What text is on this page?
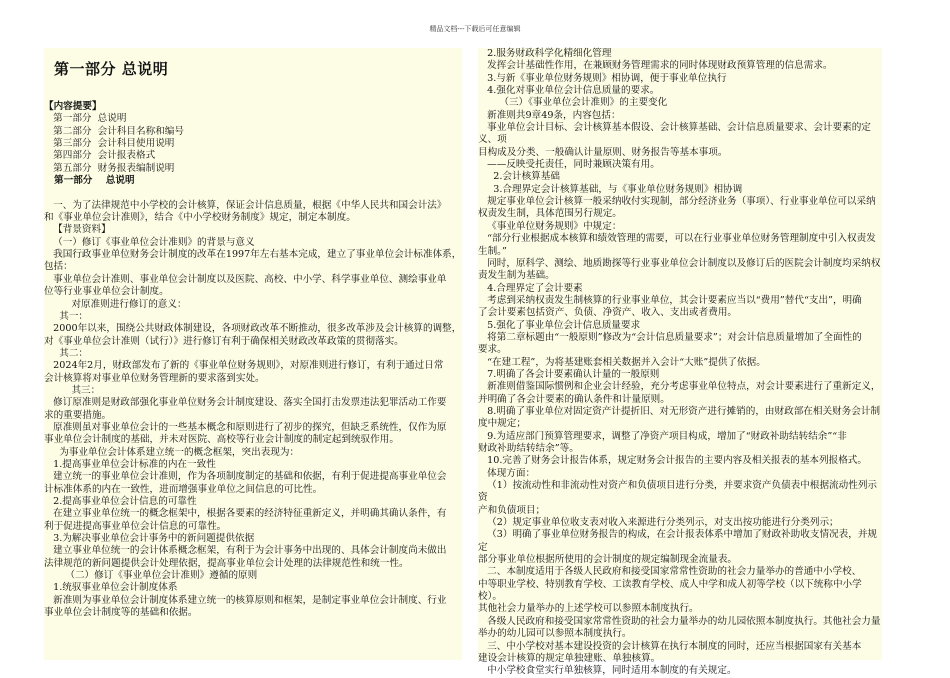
精品文档---下载后可任意编辑
第一部分 总说明
【内容提要】
第一部分  总说明
第二部分  会计科目名称和编号
第三部分  会计科目使用说明
第四部分  会计报表格式
第五部分  财务报表编制说明
第一部分    总说明

一、为了法律规范中小学校的会计核算，保证会计信息质量，根据《中华人民共和国会计法》
和《事业单位会计准则》，结合《中小学校财务制度》规定，制定本制度。
【背景资料】
（一）修订《事业单位会计准则》的背景与意义
我国行政事业单位财务会计制度的改革在1997年左右基本完成，建立了事业单位会计标准体系，
包括：
事业单位会计准则、事业单位会计制度以及医院、高校、中小学、科学事业单位、测绘事业单
位等行业事业单位会计制度。
对原准则进行修订的意义：
其一：
2000年以来，围绕公共财政体制建设，各项财政改革不断推动，很多改革涉及会计核算的调整，
对《事业单位会计准则（试行）》进行修订有利于确保相关财政改革政策的贯彻落实。
其二：
2024年2月，财政部发布了新的《事业单位财务规则》，对原准则进行修订，有利于通过日常
会计核算将对事业单位财务管理新的要求落到实处。
其三：
修订原准则是财政部强化事业单位财务会计制度建设、落实全国打击发票违法犯罪活动工作要
求的重要措施。
原准则虽对事业单位会计的一些基本概念和原则进行了初步的探究，但缺乏系统性，仅作为原
事业单位会计制度的基础，并未对医院、高校等行业会计制度的制定起到统驭作用。
为事业单位会计体系建立统一的概念框架，突出表现为：
1.提高事业单位会计标准的内在一致性
建立统一的事业单位会计准则，作为各项制度制定的基础和依据，有利于促进提高事业单位会
计标准体系的内在一致性，进而增强事业单位之间信息的可比性。
2.提高事业单位会计信息的可靠性
在建立事业单位统一的概念框架中，根据各要素的经济特征重新定义，并明确其确认条件，有
利于促进提高事业单位会计信息的可靠性。
3.为解决事业单位会计事务中的新问题提供依据
建立事业单位统一的会计体系概念框架，有利于为会计事务中出现的、具体会计制度尚未做出
法律规范的新问题提供会计处理依据，提高事业单位会计处理的法律规范性和统一性。
（二）修订《事业单位会计准则》遵循的原则
1.统驭事业单位会计制度体系
新准则为事业单位会计制度体系建立统一的核算原则和框架，是制定事业单位会计制度、行业
事业单位会计制度等的基础和依据。
2.服务财政科学化精细化管理
发挥会计基础性作用，在兼顾财务管理需求的同时体现财政预算管理的信息需求。
3.与新《事业单位财务规则》相协调，便于事业单位执行
4.强化对事业单位会计信息质量的要求。
（三）《事业单位会计准则》的主要变化
新准则共9章49条，内容包括：
事业单位会计目标、会计核算基本假设、会计核算基础、会计信息质量要求、会计要素的定义、项
目构成及分类、一般确认计量原则、财务报告等基本事项。
——反映受托责任，同时兼顾决策有用。
2.会计核算基础
3.合理界定会计核算基础，与《事业单位财务规则》相协调
规定事业单位会计核算一般采纳收付实现制，部分经济业务（事项）、行业事业单位可以采纳
权责发生制，具体范围另行规定。
《事业单位财务规则》中规定：
“部分行业根据成本核算和绩效管理的需要，可以在行业事业单位财务管理制度中引入权责发
生制。”
同时，原科学、测绘、地质勘探等行业事业单位会计制度以及修订后的医院会计制度均采纳权
责发生制为基础。
4.合理界定了会计要素
考虑到采纳权责发生制核算的行业事业单位，其会计要素应当以“费用”替代“支出”，明确
了会计要素包括资产、负债、净资产、收入、支出或者费用。
5.强化了事业单位会计信息质量要求
将第二章标题由“一般原则”修改为“会计信息质量要求”；对会计信息质量增加了全面性的
要求。
“在建工程”，为将基建账套相关数据并入会计“大账”提供了依据。
7.明确了各会计要素确认计量的一般原则
新准则借鉴国际惯例和企业会计经验，充分考虑事业单位特点，对会计要素进行了重新定义，
并明确了各会计要素的确认条件和计量原则。
8.明确了事业单位对固定资产计提折旧、对无形资产进行摊销的，由财政部在相关财务会计制
度中规定；
9.为适应部门预算管理要求，调整了净资产项目构成，增加了“财政补助结转结余”“非
财政补助结转结余”等。
10.完善了财务会计报告体系，规定财务会计报告的主要内容及相关报表的基本列报格式。
体现方面：
（1）按流动性和非流动性对资产和负债项目进行分类，并要求资产负债表中根据流动性列示资
产和负债项目；
（2）规定事业单位收支表对收入来源进行分类列示，对支出按功能进行分类列示；
（3）明确了事业单位财务报告的构成，在会计报表体系中增加了财政补助收支情况表，并规定
部分事业单位根据所使用的会计制度的规定编制现金流量表。
二、本制度适用于各级人民政府和接受国家常常性资助的社会力量举办的普通中小学校、
中等职业学校、特别教育学校、工读教育学校、成人中学和成人初等学校（以下统称中小学校）。
其他社会力量举办的上述学校可以参照本制度执行。
各级人民政府和接受国家常常性资助的社会力量举办的幼儿园依照本制度执行。其他社会力量
举办的幼儿园可以参照本制度执行。
三、中小学校对基本建设投资的会计核算在执行本制度的同时，还应当根据国家有关基本
建设会计核算的规定单独建账、单独核算。
中小学校食堂实行单独核算，同时适用本制度的有关规定。
